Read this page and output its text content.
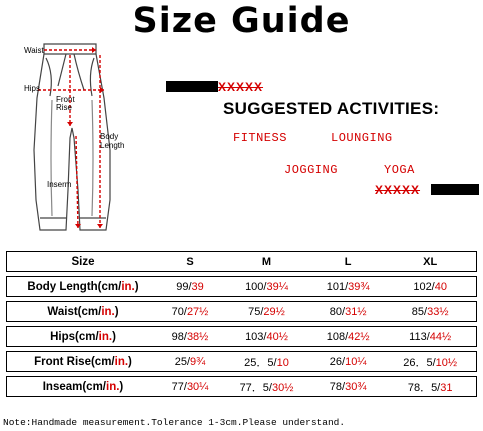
Size Guide
Waist
Hips
Front
Rise
Body
Length
Inserm
XXXXX
XXXXX
SUGGESTED ACTIVITIES:
FITNESS	LOUNGING
JOGGING	YOGA
Size	S	M	L	XL
Body Length(cm/in.)	99/39	100/39¼	101/39¾	102/40
Waist(cm/in.)	70/27½	75/29½	80/31½	85/33½
Hips(cm/in.)	98/38½	103/40½	108/42½	113/44½
Front Rise(cm/in.)	25/9¾	25．5/10	26/10¼	26．5/10½
Inseam(cm/in.)	77/30¼	77．5/30½	78/30¾	78．5/31
Note:Handmade measurement.Tolerance 1-3cm.Please understand.
